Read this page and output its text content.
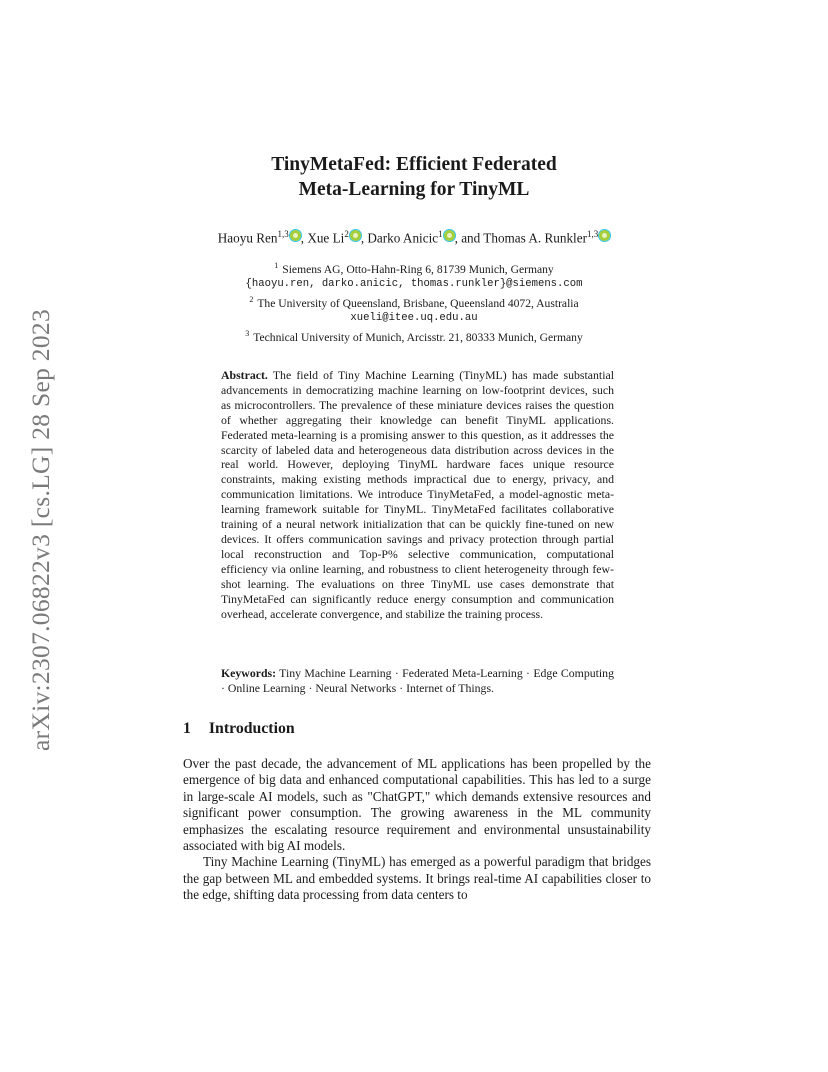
arXiv:2307.06822v3 [cs.LG] 28 Sep 2023
TinyMetaFed: Efficient Federated
Meta-Learning for TinyML
Haoyu Ren$^{1,3}$ , Xue Li$^2$ , Darko Anicic$^1$ , and Thomas A. Runkler$^{1,3}$
$^1$ Siemens AG, Otto-Hahn-Ring 6, 81739 Munich, Germany
{haoyu.ren, darko.anicic, thomas.runkler}@siemens.com
$^2$ The University of Queensland, Brisbane, Queensland 4072, Australia
xueli@itee.uq.edu.au
$^3$ Technical University of Munich, Arcisstr. 21, 80333 Munich, Germany
Abstract. The field of Tiny Machine Learning (TinyML) has made substantial advancements in democratizing machine learning on low-footprint devices, such as microcontrollers. The prevalence of these miniature devices raises the question of whether aggregating their knowledge can benefit TinyML applications. Federated meta-learning is a promising answer to this question, as it addresses the scarcity of labeled data and heterogeneous data distribution across devices in the real world. However, deploying TinyML hardware faces unique resource constraints, making existing methods impractical due to energy, privacy, and communication limitations. We introduce TinyMetaFed, a model-agnostic meta-learning framework suitable for TinyML. TinyMetaFed facilitates collaborative training of a neural network initialization that can be quickly fine-tuned on new devices. It offers communication savings and privacy protection through partial local reconstruction and Top-P% selective communication, computational efficiency via online learning, and robustness to client heterogeneity through few-shot learning. The evaluations on three TinyML use cases demonstrate that TinyMetaFed can significantly reduce energy consumption and communication overhead, accelerate convergence, and stabilize the training process.
Keywords: Tiny Machine Learning · Federated Meta-Learning · Edge Computing · Online Learning · Neural Networks · Internet of Things.
1 Introduction

Over the past decade, the advancement of ML applications has been propelled by the emergence of big data and enhanced computational capabilities. This has led to a surge in large-scale AI models, such as "ChatGPT," which demands extensive resources and significant power consumption. The growing awareness in the ML community emphasizes the escalating resource requirement and environmental unsustainability associated with big AI models.

Tiny Machine Learning (TinyML) has emerged as a powerful paradigm that bridges the gap between ML and embedded systems. It brings real-time AI capabilities closer to the edge, shifting data processing from data centers to
